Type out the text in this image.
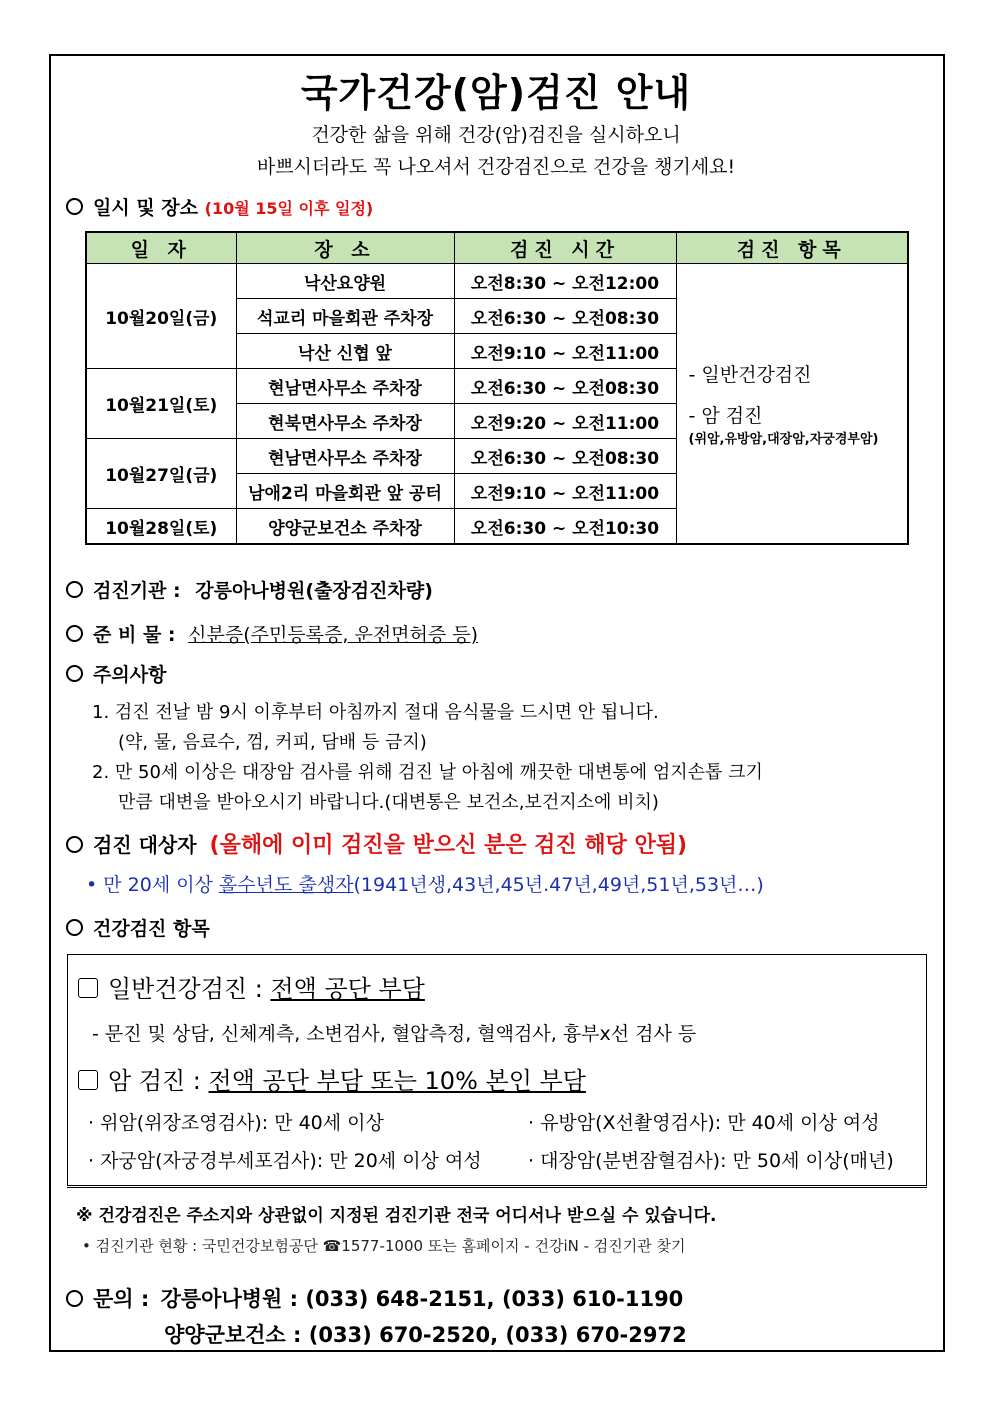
국가건강(암)검진 안내
건강한 삶을 위해 건강(암)검진을 실시하오니
바쁘시더라도 꼭 나오셔서 건강검진으로 건강을 챙기세요!
일시 및 장소 (10월 15일 이후 일정)
일 자	장 소	검진 시간	검진 항목
10월20일(금)	낙산요양원	오전8:30 ~ 오전12:00	- 일반건강검진
- 암 검진
(위암,유방암,대장암,자궁경부암)

	석교리 마을회관 주차장	오전6:30 ~ 오전08:30	
	낙산 신협 앞	오전9:10 ~ 오전11:00	
10월21일(토)	현남면사무소 주차장	오전6:30 ~ 오전08:30	
	현북면사무소 주차장	오전9:20 ~ 오전11:00	
10월27일(금)	현남면사무소 주차장	오전6:30 ~ 오전08:30	
	남애2리 마을회관 앞 공터	오전9:10 ~ 오전11:00	
10월28일(토)	양양군보건소 주차장	오전6:30 ~ 오전10:30	
검진기관 : 강릉아나병원(출장검진차량)
준 비 물 : 신분증(주민등록증, 운전면허증 등)
주의사항
1. 검진 전날 밤 9시 이후부터 아침까지 절대 음식물을 드시면 안 됩니다.
(약, 물, 음료수, 껌, 커피, 담배 등 금지)
2. 만 50세 이상은 대장암 검사를 위해 검진 날 아침에 깨끗한 대변통에 엄지손톱 크기
만큼 대변을 받아오시기 바랍니다.(대변통은 보건소,보건지소에 비치)
검진 대상자 (올해에 이미 검진을 받으신 분은 검진 해당 안됨)
• 만 20세 이상 홀수년도 출생자(1941년생,43년,45년.47년,49년,51년,53년…)
건강검진 항목
일반건강검진 : 전액 공단 부담
- 문진 및 상담, 신체계측, 소변검사, 혈압측정, 혈액검사, 흉부x선 검사 등
암 검진 : 전액 공단 부담 또는 10% 본인 부담
· 위암(위장조영검사): 만 40세 이상	· 유방암(X선촬영검사): 만 40세 이상 여성
· 자궁암(자궁경부세포검사): 만 20세 이상 여성 · 대장암(분변잠혈검사): 만 50세 이상(매년)
※ 건강검진은 주소지와 상관없이 지정된 검진기관 전국 어디서나 받으실 수 있습니다.
• 검진기관 현황 : 국민건강보험공단 ☎1577-1000 또는 홈페이지 - 건강iN - 검진기관 찾기
문의 : 강릉아나병원 : (033) 648-2151, (033) 610-1190
양양군보건소 : (033) 670-2520, (033) 670-2972
